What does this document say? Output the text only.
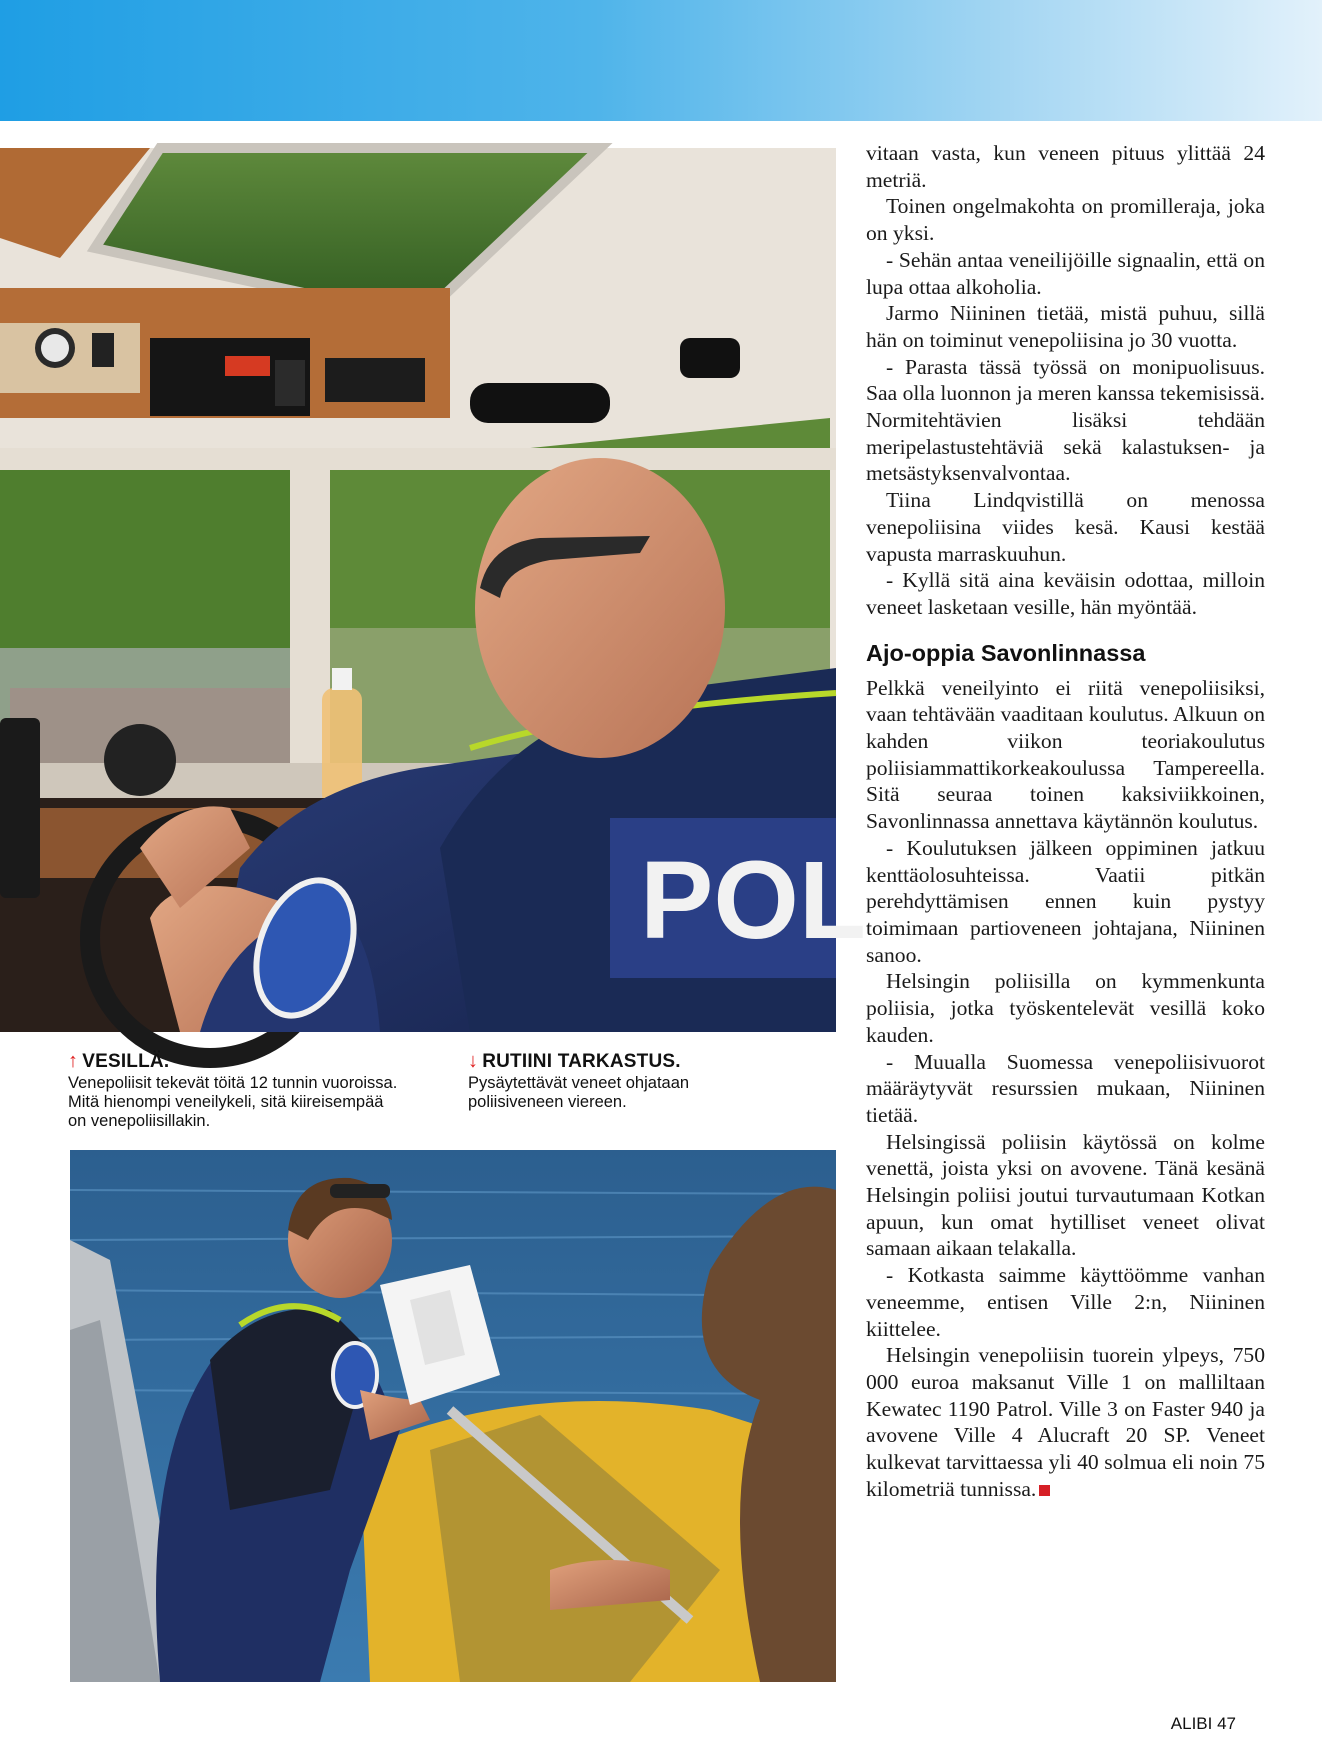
POL
↑ VESILLÄ.
Venepoliisit tekevät töitä 12 tunnin vuoroissa. Mitä hienompi veneilykeli, sitä kiireisempää on venepoliisillakin.
↓ RUTIINI TARKASTUS.
Pysäytettävät veneet ohjataan poliisiveneen viereen.

vitaan vasta, kun veneen pituus ylittää 24 metriä.

Toinen ongelmakohta on promilleraja, joka on yksi.

- Sehän antaa veneilijöille signaalin, että on lupa ottaa alkoholia.

Jarmo Niininen tietää, mistä puhuu, sillä hän on toiminut venepoliisina jo 30 vuotta.

- Parasta tässä työssä on monipuolisuus. Saa olla luonnon ja meren kanssa tekemisissä. Normitehtävien lisäksi tehdään meripelastustehtäviä sekä kalastuksen- ja metsästyksenvalvontaa.

Tiina Lindqvistillä on menossa venepoliisina viides kesä. Kausi kestää vapusta marraskuuhun.

- Kyllä sitä aina keväisin odottaa, milloin veneet lasketaan vesille, hän myöntää.

Ajo-oppia Savonlinnassa

Pelkkä veneilyinto ei riitä venepoliisiksi, vaan tehtävään vaaditaan koulutus. Alkuun on kahden viikon teoriakoulutus poliisiammattikorkeakoulussa Tampereella. Sitä seuraa toinen kaksiviikkoinen, Savonlinnassa annettava käytännön koulutus.

- Koulutuksen jälkeen oppiminen jatkuu kenttäolosuhteissa. Vaatii pitkän perehdyttämisen ennen kuin pystyy toimimaan partioveneen johtajana, Niininen sanoo.

Helsingin poliisilla on kymmenkunta poliisia, jotka työskentelevät vesillä koko kauden.

- Muualla Suomessa venepoliisivuorot määräytyvät resurssien mukaan, Niininen tietää.

Helsingissä poliisin käytössä on kolme venettä, joista yksi on avovene. Tänä kesänä Helsingin poliisi joutui turvautumaan Kotkan apuun, kun omat hytilliset veneet olivat samaan aikaan telakalla.

- Kotkasta saimme käyttöömme vanhan veneemme, entisen Ville 2:n, Niininen kiittelee.

Helsingin venepoliisin tuorein ylpeys, 750 000 euroa maksanut Ville 1 on malliltaan Kewatec 1190 Patrol. Ville 3 on Faster 940 ja avovene Ville 4 Alucraft 20 SP. Veneet kulkevat tarvittaessa yli 40 solmua eli noin 75 kilometriä tunnissa.

ALIBI 47
